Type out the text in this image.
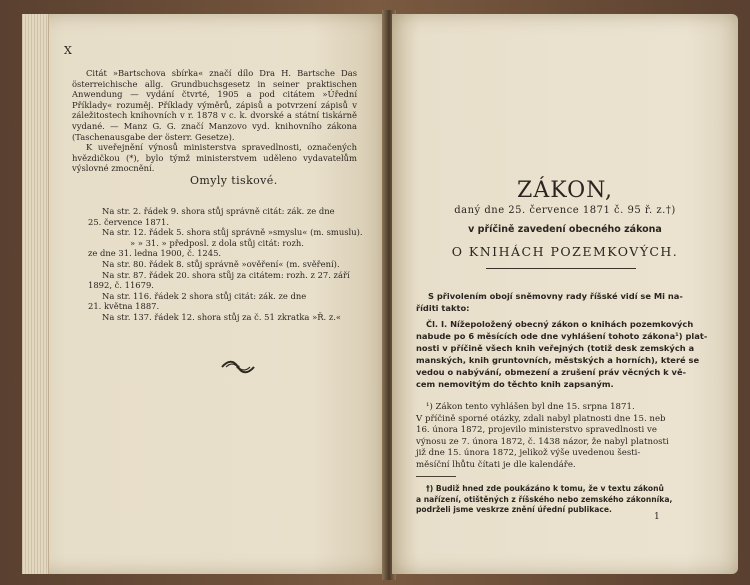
X

Citát »Bartschova sbírka« značí dílo Dra H. Bartsche Das österreichische allg. Grundbuchsgesetz in seiner praktischen Anwendung — vydání čtvrté, 1905 a pod citátem »Úřední Příklady« rozuměj. Příklady výměrů, zápisů a potvrzení zápisů v záležitostech knihovních v r. 1878 v c. k. dvorské a státní tiskárně vydané. — Manz G. G. značí Manzovo vyd. knihovního zákona (Taschenausgabe der österr. Gesetze).

K uveřejnění výnosů ministerstva spravedlnosti, označených hvězdičkou (*), bylo týmž ministerstvem uděleno vydavatelům výslovné zmocnění.

Omyly tiskové.
Na str. 2. řádek 9. shora stůj správně citát: zák. ze dne
25. července 1871.
Na str. 12. řádek 5. shora stůj správně »smyslu« (m. smuslu).
» » 31. » předposl. z dola stůj citát: rozh.
ze dne 31. ledna 1900, č. 1245.
Na str. 80. řádek 8. stůj správně »ověření« (m. svěření).
Na str. 87. řádek 20. shora stůj za citátem: rozh. z 27. září
1892, č. 11679.
Na str. 116. řádek 2 shora stůj citát: zák. ze dne
21. května 1887.
Na str. 137. řádek 12. shora stůj za č. 51 zkratka »Ř. z.«
ZÁKON,
daný dne 25. července 1871 č. 95 ř. z.†)
v příčině zavedení obecného zákona
O KNIHÁCH POZEMKOVÝCH.
S přivolením obojí sněmovny rady říšské vidí se Mi na-
říditi takto:
Čl. I. Nížepoložený obecný zákon o knihách pozemkových
nabude po 6 měsících ode dne vyhlášení tohoto zákona¹) plat-
nosti v příčině všech knih veřejných (totiž desk zemských a
manských, knih gruntovních, městských a horních), které se
vedou o nabývání, obmezení a zrušení práv věcných k vě-
cem nemovitým do těchto knih zapsaným.
¹) Zákon tento vyhlášen byl dne 15. srpna 1871.
V příčině sporné otázky, zdali nabyl platnosti dne 15. neb
16. února 1872, projevilo ministerstvo spravedlnosti ve
výnosu ze 7. února 1872, č. 1438 názor, že nabyl platnosti
již dne 15. února 1872, jelikož výše uvedenou šesti-
měsíční lhůtu čítati je dle kalendáře.
†) Budiž hned zde poukázáno k tomu, že v textu zákonů
a nařízení, otištěných z říšského nebo zemského zákonníka,
podrželi jsme veskrze znění úřední publikace.
1
